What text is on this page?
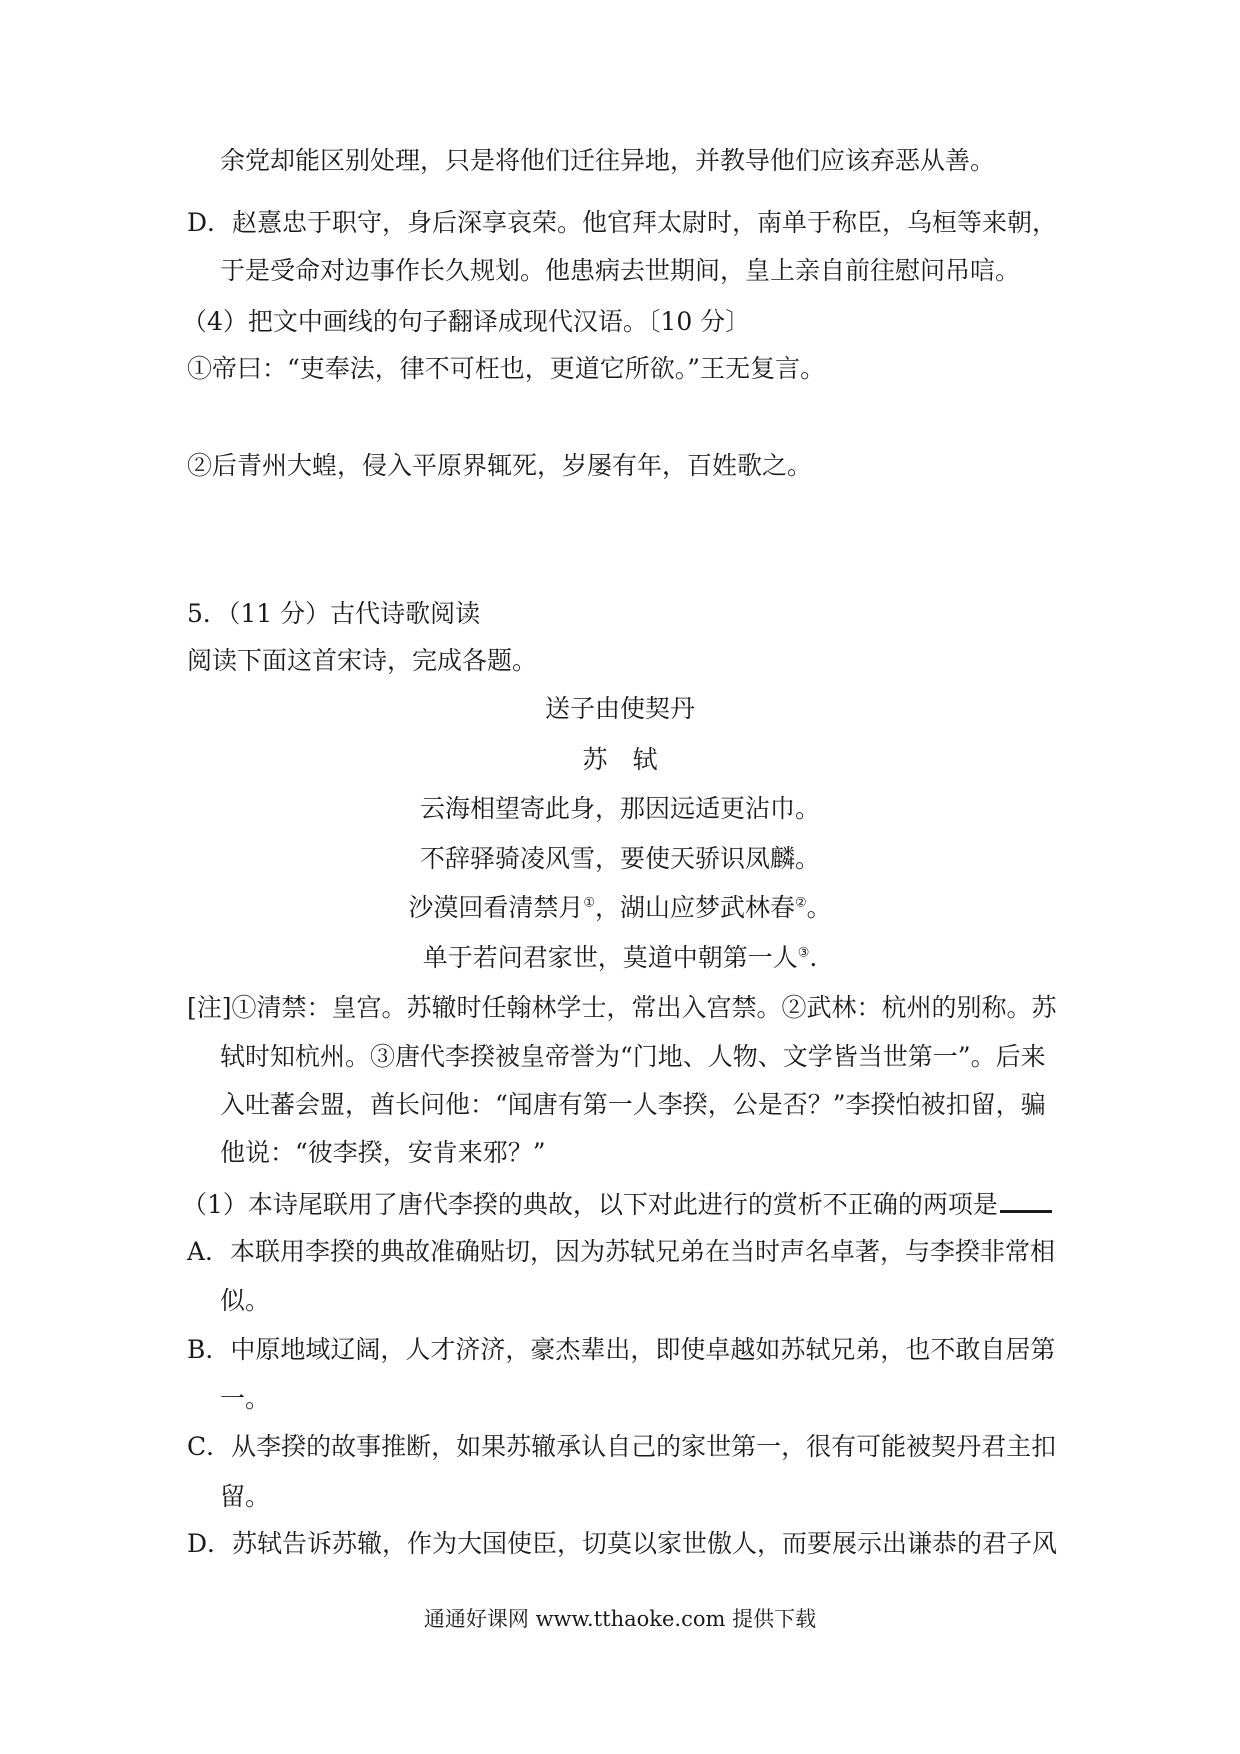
余党却能区别处理，只是将他们迁往异地，并教导他们应该弃恶从善。
D．赵憙忠于职守，身后深享哀荣。他官拜太尉时，南单于称臣，乌桓等来朝，
于是受命对边事作长久规划。他患病去世期间，皇上亲自前往慰问吊唁。
（4）把文中画线的句子翻译成现代汉语。〔10 分〕
①帝曰：“吏奉法，律不可枉也，更道它所欲。”王无复言。
②后青州大蝗，侵入平原界辄死，岁屡有年，百姓歌之。
5．（11 分）古代诗歌阅读
阅读下面这首宋诗，完成各题。
送子由使契丹
苏　轼
云海相望寄此身，那因远适更沾巾。
不辞驿骑凌风雪，要使天骄识凤麟。
沙漠回看清禁月①，湖山应梦武林春②。
单于若问君家世，莫道中朝第一人③.
[注]①清禁：皇宫。苏辙时任翰林学士，常出入宫禁。②武林：杭州的别称。苏
轼时知杭州。③唐代李揆被皇帝誉为“门地、人物、文学皆当世第一”。后来
入吐蕃会盟，酋长问他：“闻唐有第一人李揆，公是否？”李揆怕被扣留，骗
他说：“彼李揆，安肯来邪？”
（1）本诗尾联用了唐代李揆的典故，以下对此进行的赏析不正确的两项是
A．本联用李揆的典故准确贴切，因为苏轼兄弟在当时声名卓著，与李揆非常相
似。
B．中原地域辽阔，人才济济，豪杰辈出，即使卓越如苏轼兄弟，也不敢自居第
一。
C．从李揆的故事推断，如果苏辙承认自己的家世第一，很有可能被契丹君主扣
留。
D．苏轼告诉苏辙，作为大国使臣，切莫以家世傲人，而要展示出谦恭的君子风
通通好课网 www.tthaoke.com 提供下载
